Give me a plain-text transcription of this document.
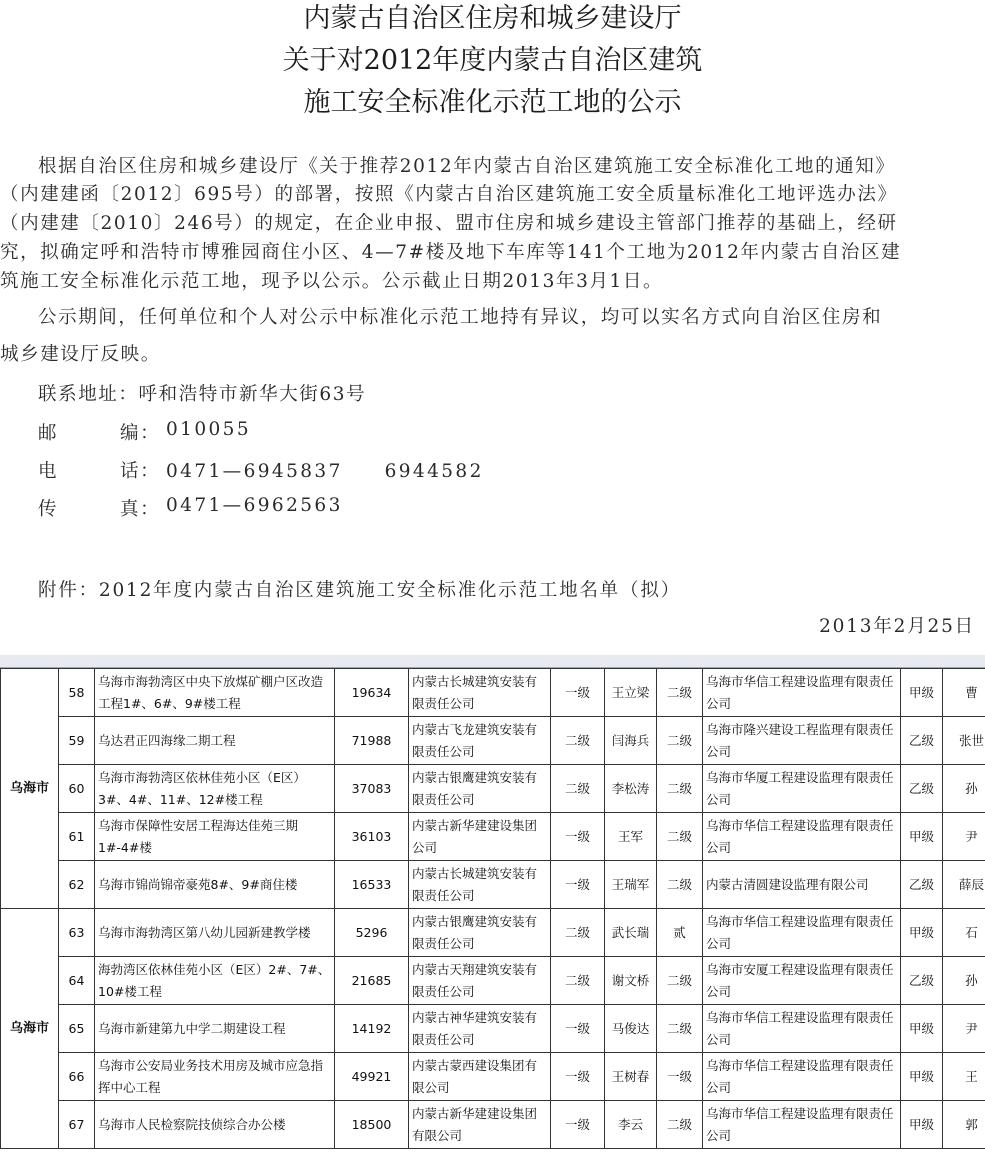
内蒙古自治区住房和城乡建设厅
关于对2012年度内蒙古自治区建筑
施工安全标准化示范工地的公示
根据自治区住房和城乡建设厅《关于推荐2012年内蒙古自治区建筑施工安全标准化工地的通知》
（内建建函〔2012〕695号）的部署，按照《内蒙古自治区建筑施工安全质量标准化工地评选办法》
（内建建〔2010〕246号）的规定，在企业申报、盟市住房和城乡建设主管部门推荐的基础上，经研
究，拟确定呼和浩特市博雅园商住小区、4—7#楼及地下车库等141个工地为2012年内蒙古自治区建
筑施工安全标准化示范工地，现予以公示。公示截止日期2013年3月1日。
公示期间，任何单位和个人对公示中标准化示范工地持有异议，均可以实名方式向自治区住房和
城乡建设厅反映。
联系地址：呼和浩特市新华大街63号
邮	编： 010055
电	话： 0471—6945837　　6944582
传	真： 0471—6962563
附件：2012年度内蒙古自治区建筑施工安全标准化示范工地名单（拟）
2013年2月25日
乌海市	58	乌海市海勃湾区中央下放煤矿棚户区改造工程1#、6#、9#楼工程	19634	内蒙古长城建筑安装有限责任公司	一级	王立梁	二级	乌海市华信工程建设监理有限责任公司	甲级	曹
	59	乌达君正四海缘二期工程	71988	内蒙古飞龙建筑安装有限责任公司	二级	闫海兵	二级	乌海市隆兴建设工程监理有限责任公司	乙级	张世
	60	乌海市海勃湾区依林佳苑小区（E区）3#、4#、11#、12#楼工程	37083	内蒙古银鹰建筑安装有限责任公司	二级	李松涛	二级	乌海市华厦工程建设监理有限责任公司	乙级	孙
	61	乌海市保障性安居工程海达佳苑三期1#-4#楼	36103	内蒙古新华建建设集团公司	一级	王军	二级	乌海市华信工程建设监理有限责任公司	甲级	尹
	62	乌海市锦尚锦帝豪苑8#、9#商住楼	16533	内蒙古长城建筑安装有限责任公司	一级	王瑞军	二级	内蒙古清圆建设监理有限公司	乙级	薛辰
乌海市	63	乌海市海勃湾区第八幼儿园新建教学楼	5296	内蒙古银鹰建筑安装有限责任公司	二级	武长瑞	贰	乌海市华信工程建设监理有限责任公司	甲级	石
	64	海勃湾区依林佳苑小区（E区）2#、7#、10#楼工程	21685	内蒙古天翔建筑安装有限责任公司	二级	谢文桥	二级	乌海市安厦工程建设监理有限责任公司	乙级	孙
	65	乌海市新建第九中学二期建设工程	14192	内蒙古神华建筑安装有限责任公司	一级	马俊达	二级	乌海市华信工程建设监理有限责任公司	甲级	尹
	66	乌海市公安局业务技术用房及城市应急指挥中心工程	49921	内蒙古蒙西建设集团有限公司	一级	王树春	一级	乌海市华信工程建设监理有限责任公司	甲级	王
	67	乌海市人民检察院技侦综合办公楼	18500	内蒙古新华建建设集团有限公司	一级	李云	二级	乌海市华信工程建设监理有限责任公司	甲级	郭
